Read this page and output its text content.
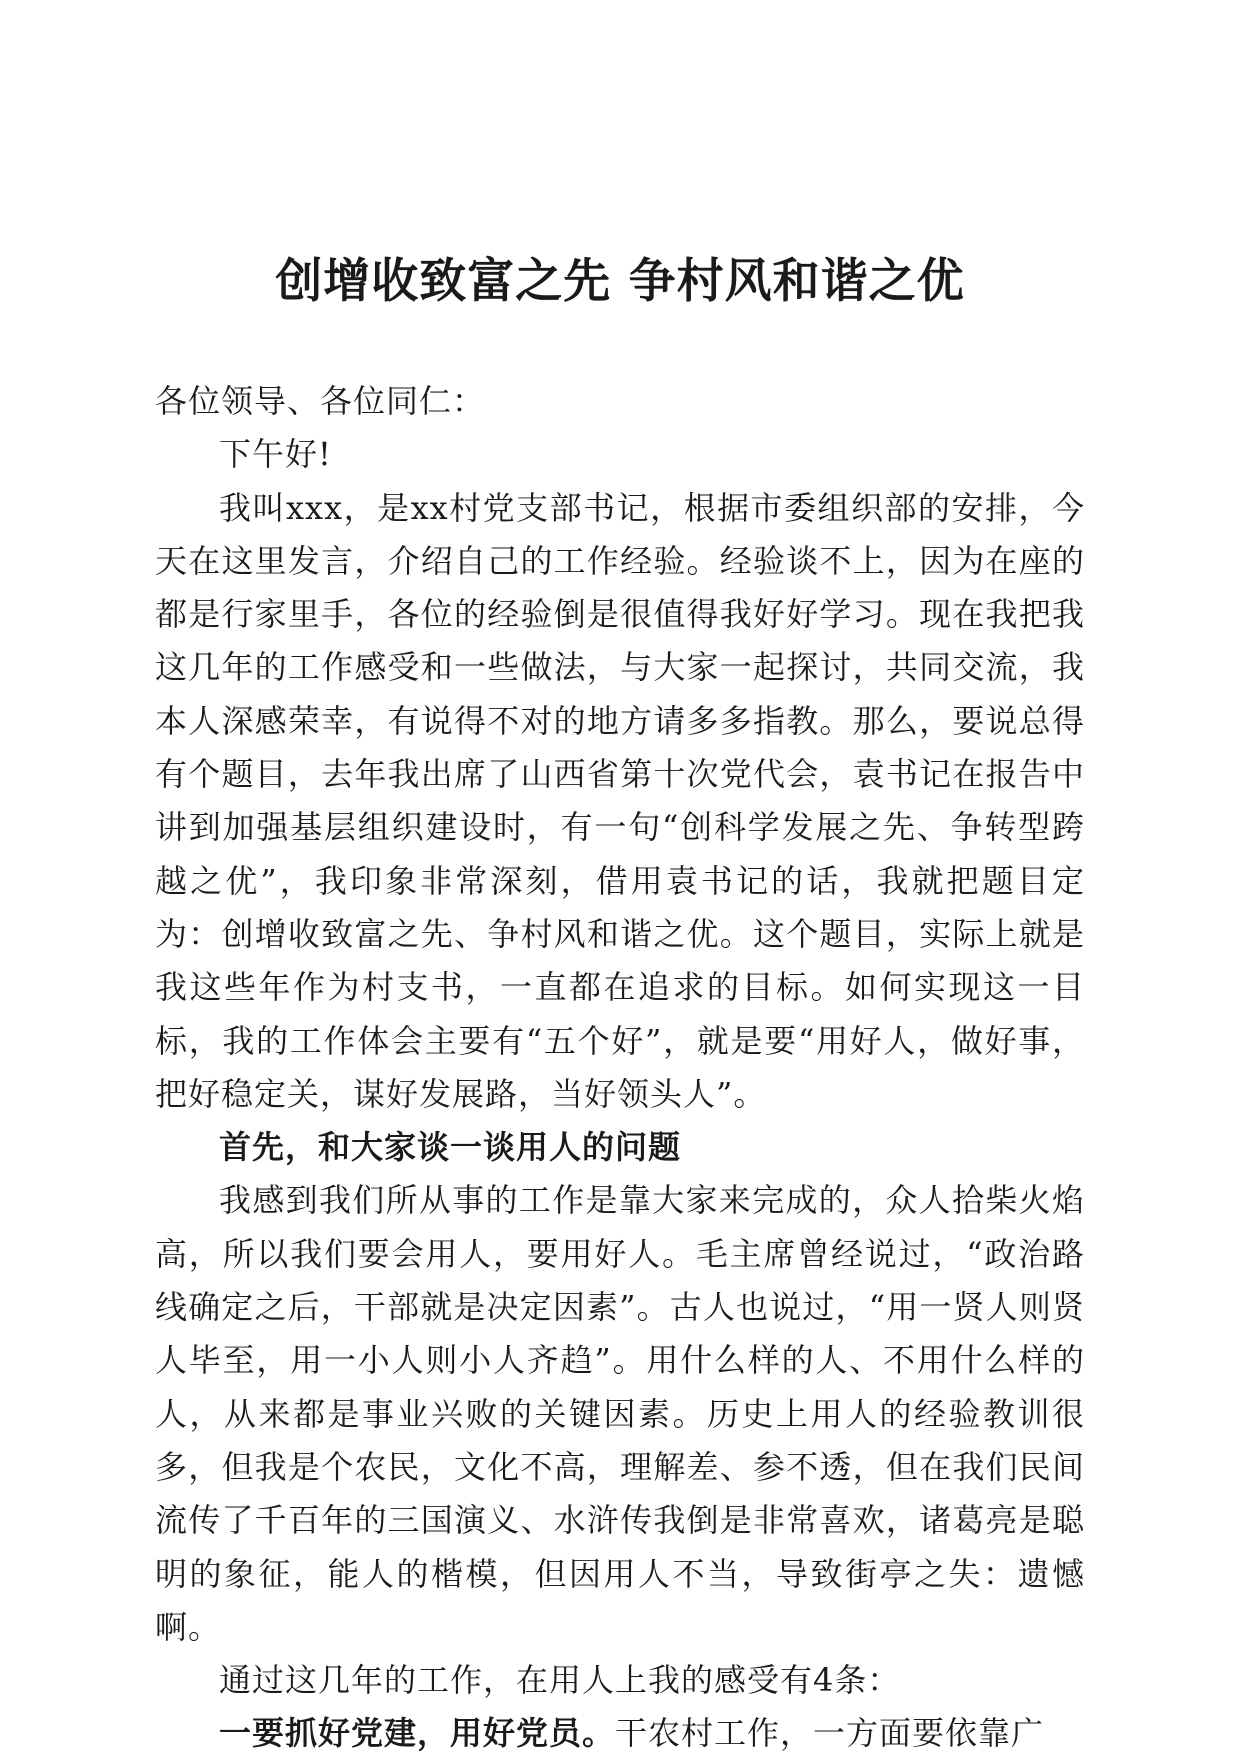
创增收致富之先 争村风和谐之优

各位领导、各位同仁：

下午好!

我叫xxx，是xx村党支部书记，根据市委组织部的安排，今天在这里发言，介绍自己的工作经验。经验谈不上，因为在座的都是行家里手，各位的经验倒是很值得我好好学习。现在我把我这几年的工作感受和一些做法，与大家一起探讨，共同交流，我本人深感荣幸，有说得不对的地方请多多指教。那么，要说总得有个题目，去年我出席了山西省第十次党代会，袁书记在报告中讲到加强基层组织建设时，有一句“创科学发展之先、争转型跨越之优”，我印象非常深刻，借用袁书记的话，我就把题目定为：创增收致富之先、争村风和谐之优。这个题目，实际上就是我这些年作为村支书，一直都在追求的目标。如何实现这一目标，我的工作体会主要有“五个好”，就是要“用好人，做好事，把好稳定关，谋好发展路，当好领头人”。

首先，和大家谈一谈用人的问题

我感到我们所从事的工作是靠大家来完成的，众人拾柴火焰高，所以我们要会用人，要用好人。毛主席曾经说过，“政治路线确定之后，干部就是决定因素”。古人也说过，“用一贤人则贤人毕至，用一小人则小人齐趋”。用什么样的人、不用什么样的人，从来都是事业兴败的关键因素。历史上用人的经验教训很多，但我是个农民，文化不高，理解差、参不透，但在我们民间流传了千百年的三国演义、水浒传我倒是非常喜欢，诸葛亮是聪明的象征，能人的楷模，但因用人不当，导致街亭之失：遗憾啊。

通过这几年的工作，在用人上我的感受有4条：

一要抓好党建，用好党员。干农村工作，一方面要依靠广
